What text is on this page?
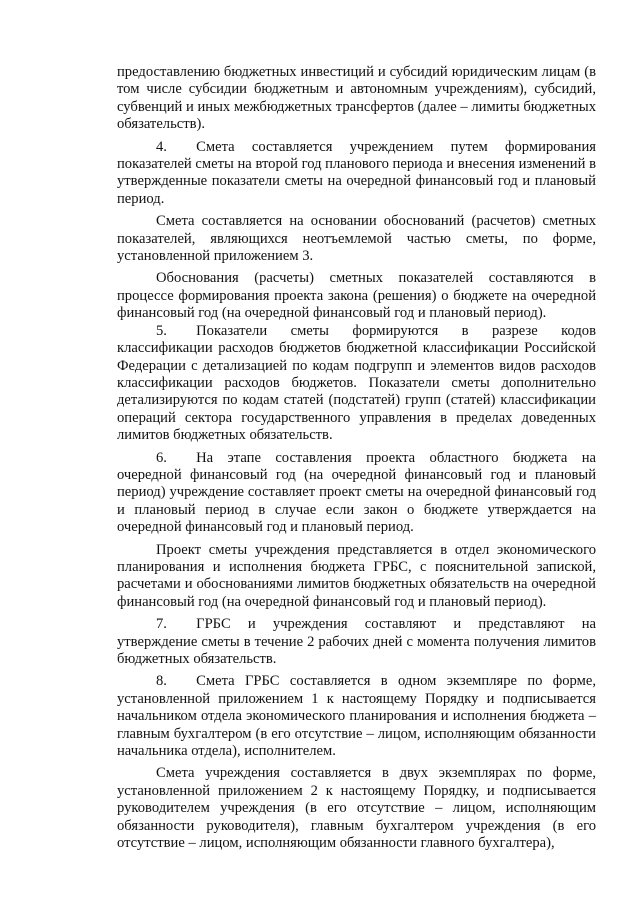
предоставлению бюджетных инвестиций и субсидий юридическим лицам (в том числе субсидии бюджетным и автономным учреждениям), субсидий, субвенций и иных межбюджетных трансфертов (далее – лимиты бюджетных обязательств).

4.  Смета составляется учреждением путем формирования показателей сметы на второй год планового периода и внесения изменений в утвержденные показатели сметы на очередной финансовый год и плановый период.

Смета составляется на основании обоснований (расчетов) сметных показателей, являющихся неотъемлемой частью сметы, по форме, установленной приложением 3.

Обоснования (расчеты) сметных показателей составляются в процессе формирования проекта закона (решения) о бюджете на очередной финансовый год (на очередной финансовый год и плановый период).

5.  Показатели сметы формируются в разрезе кодов классификации расходов бюджетов бюджетной классификации Российской Федерации с детализацией по кодам подгрупп и элементов видов расходов классификации расходов бюджетов. Показатели сметы дополнительно детализируются по кодам статей (подстатей) групп (статей) классификации операций сектора государственного управления в пределах доведенных лимитов бюджетных обязательств.

6.  На этапе составления проекта областного бюджета на очередной финансовый год (на очередной финансовый год и плановый период) учреждение составляет проект сметы на очередной финансовый год и плановый период в случае если закон о бюджете утверждается на очередной финансовый год и плановый период.

Проект сметы учреждения представляется в отдел экономического планирования и исполнения бюджета ГРБС, с пояснительной запиской, расчетами и обоснованиями лимитов бюджетных обязательств на очередной финансовый год (на очередной финансовый год и плановый период).

7.  ГРБС и учреждения составляют и представляют на утверждение сметы в течение 2 рабочих дней с момента получения лимитов бюджетных обязательств.

8.  Смета ГРБС составляется в одном экземпляре по форме, установленной приложением 1 к настоящему Порядку и подписывается начальником отдела экономического планирования и исполнения бюджета – главным бухгалтером (в его отсутствие – лицом, исполняющим обязанности начальника отдела), исполнителем.

Смета учреждения составляется в двух экземплярах по форме, установленной приложением 2 к настоящему Порядку, и подписывается руководителем учреждения (в его отсутствие – лицом, исполняющим обязанности руководителя), главным бухгалтером учреждения (в его отсутствие – лицом, исполняющим обязанности главного бухгалтера),
